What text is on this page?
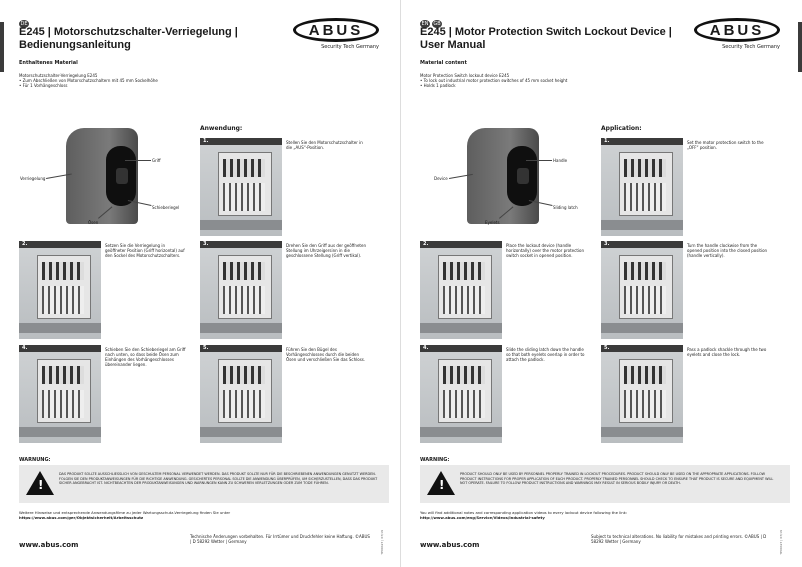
DE
E245 | Motorschutzschalter-Verriegelung | Bedienungsanleitung
ABUS
Security Tech Germany
Enthaltenes Material
Motorschutzschalter-Verriegelung E245
• Zum Abschließen von Motorschutzschaltern mit 45 mm Sockelhöhe
• Für 1 Vorhängeschloss
Verriegelung
Griff
Schieberiegel
Ösen
Anwendung:
1.	Stellen Sie den Motorschutzschalter in die „AUS“-Position.
2.	Setzen Sie die Verriegelung in geöffneter Position (Griff horizontal) auf den Sockel des Motorschutzschalters.
3.	Drehen Sie den Griff aus der geöffneten Stellung im Uhrzeigersinn in die geschlossene Stellung (Griff vertikal).
4.	Schieben Sie den Schieberiegel am Griff nach unten, so dass beide Ösen zum Einhängen des Vorhängeschlosses übereinander liegen.
5.	Führen Sie den Bügel des Vorhängeschlosses durch die beiden Ösen und verschließen Sie das Schloss.
WARNUNG:
!
DAS PRODUKT SOLLTE AUSSCHLIESSLICH VON GESCHULTEM PERSONAL VERWENDET WERDEN. DAS PRODUKT SOLLTE NUR FÜR DIE BESCHRIEBENEN ANWENDUNGEN GENUTZT WERDEN. FOLGEN SIE DEN PRODUKTANWEISUNGEN FÜR DIE RICHTIGE ANWENDUNG. GESICHERTES PERSONAL SOLLTE DIE ANWENDUNG ÜBERPRÜFEN, UM SICHERZUSTELLEN, DASS DAS PRODUKT SICHER ANGEBRACHT IST. NICHTBEACHTEN DER PRODUKTANWEISUNGEN UND WARNUNGEN KANN ZU SCHWEREN VERLETZUNGEN ODER ZUM TODE FÜHREN.
Weitere Hinweise und entsprechende Anwendungsfilme zu jeder Wartungsschutz-Verriegelung finden Sie unter
https://www.abus.com/ger/Objektsicherheit/Arbeitsschutz
www.abus.com
Technische Änderungen vorbehalten. Für Irrtümer und Druckfehler keine Haftung. ©ABUS | D 58292 Wetter | Germany	TP00427 | 07/19
EN GB
E245 | Motor Protection Switch Lockout Device | User Manual
ABUS
Security Tech Germany
Material content
Motor Protection Switch lockout device E245
• To lock out industrial motor protection switches of 45 mm socket height
• Holds 1 padlock
Device
Handle
Sliding latch
Eyelets
Application:
1.	Set the motor protection switch to the „OFF“ position.
2.	Place the lockout device (handle horizontally) over the motor protection switch socket in opened position.
3.	Turn the handle clockwise from the opened position into the closed position (handle vertically).
4.	Slide the sliding latch down the handle so that both eyelets overlap in order to attach the padlock.
5.	Pass a padlock shackle through the two eyelets and close the lock.
WARNING:
!
PRODUCT SHOULD ONLY BE USED BY PERSONNEL PROPERLY TRAINED IN LOCKOUT PROCEDURES. PRODUCT SHOULD ONLY BE USED ON THE APPROPRIATE APPLICATIONS. FOLLOW PRODUCT INSTRUCTIONS FOR PROPER APPLICATION OF EACH PRODUCT. PROPERLY TRAINED PERSONNEL SHOULD CHECK TO ENSURE THAT PRODUCT IS SECURE AND EQUIPMENT WILL NOT OPERATE. FAILURE TO FOLLOW PRODUCT INSTRUCTIONS AND WARNINGS MAY RESULT IN SERIOUS BODILY INJURY OR DEATH.
You will find additional notes and corresponding application videos to every lockout device following the link:
http://www.abus.com/eng/Service/Videos/Industrial-safety
www.abus.com
Subject to technical alterations. No liability for mistakes and printing errors. ©ABUS | D 58292 Wetter | Germany	TP00427 | 07/19
